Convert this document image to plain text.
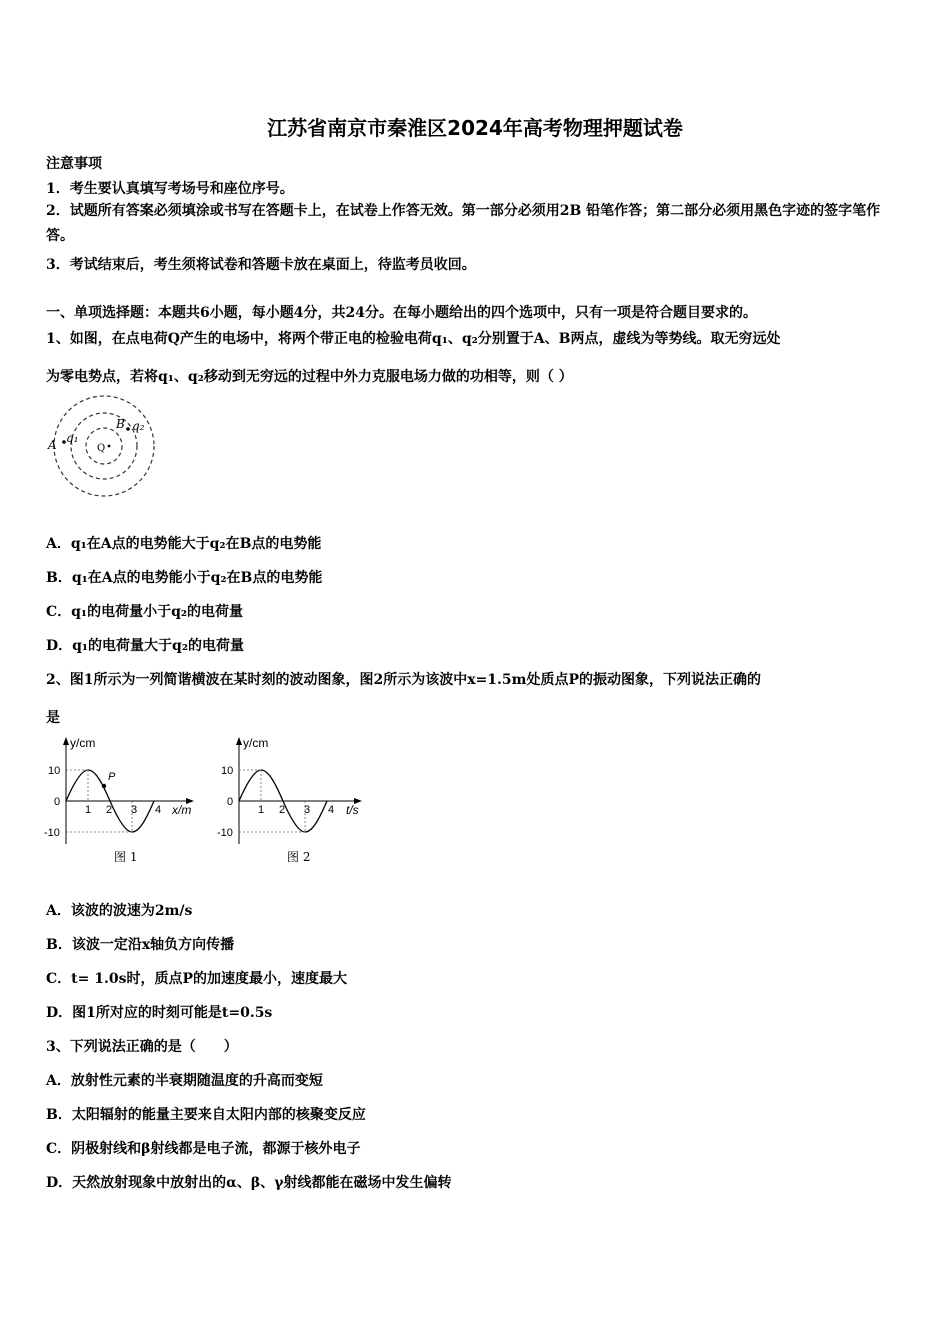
江苏省南京市秦淮区2024年高考物理押题试卷
注意事项
1．考生要认真填写考场号和座位序号。
2．试题所有答案必须填涂或书写在答题卡上，在试卷上作答无效。第一部分必须用2B 铅笔作答；第二部分必须用黑色字迹的签字笔作答。
3．考试结束后，考生须将试卷和答题卡放在桌面上，待监考员收回。
一、单项选择题：本题共6小题，每小题4分，共24分。在每小题给出的四个选项中，只有一项是符合题目要求的。
1、如图，在点电荷Q产生的电场中，将两个带正电的检验电荷q₁、q₂分别置于A、B两点，虚线为等势线。取无穷远处
为零电势点，若将q₁、q₂移动到无穷远的过程中外力克服电场力做的功相等，则（ ）
A q₁
B q₂
Q
A．q₁在A点的电势能大于q₂在B点的电势能
B．q₁在A点的电势能小于q₂在B点的电势能
C．q₁的电荷量小于q₂的电荷量
D．q₁的电荷量大于q₂的电荷量
2、图1所示为一列简谐横波在某时刻的波动图象，图2所示为该波中x=1.5m处质点P的振动图象，下列说法正确的
是
P
y/cm
x/m
10
0
-10
1 2 3 4
图 1
y/cm
t/s
10
0
-10
1 2 3 4
图 2
A．该波的波速为2m/s
B．该波一定沿x轴负方向传播
C．t= 1.0s时，质点P的加速度最小，速度最大
D．图1所对应的时刻可能是t=0.5s
3、下列说法正确的是（　　）
A．放射性元素的半衰期随温度的升高而变短
B．太阳辐射的能量主要来自太阳内部的核聚变反应
C．阴极射线和β射线都是电子流，都源于核外电子
D．天然放射现象中放射出的α、β、γ射线都能在磁场中发生偏转
